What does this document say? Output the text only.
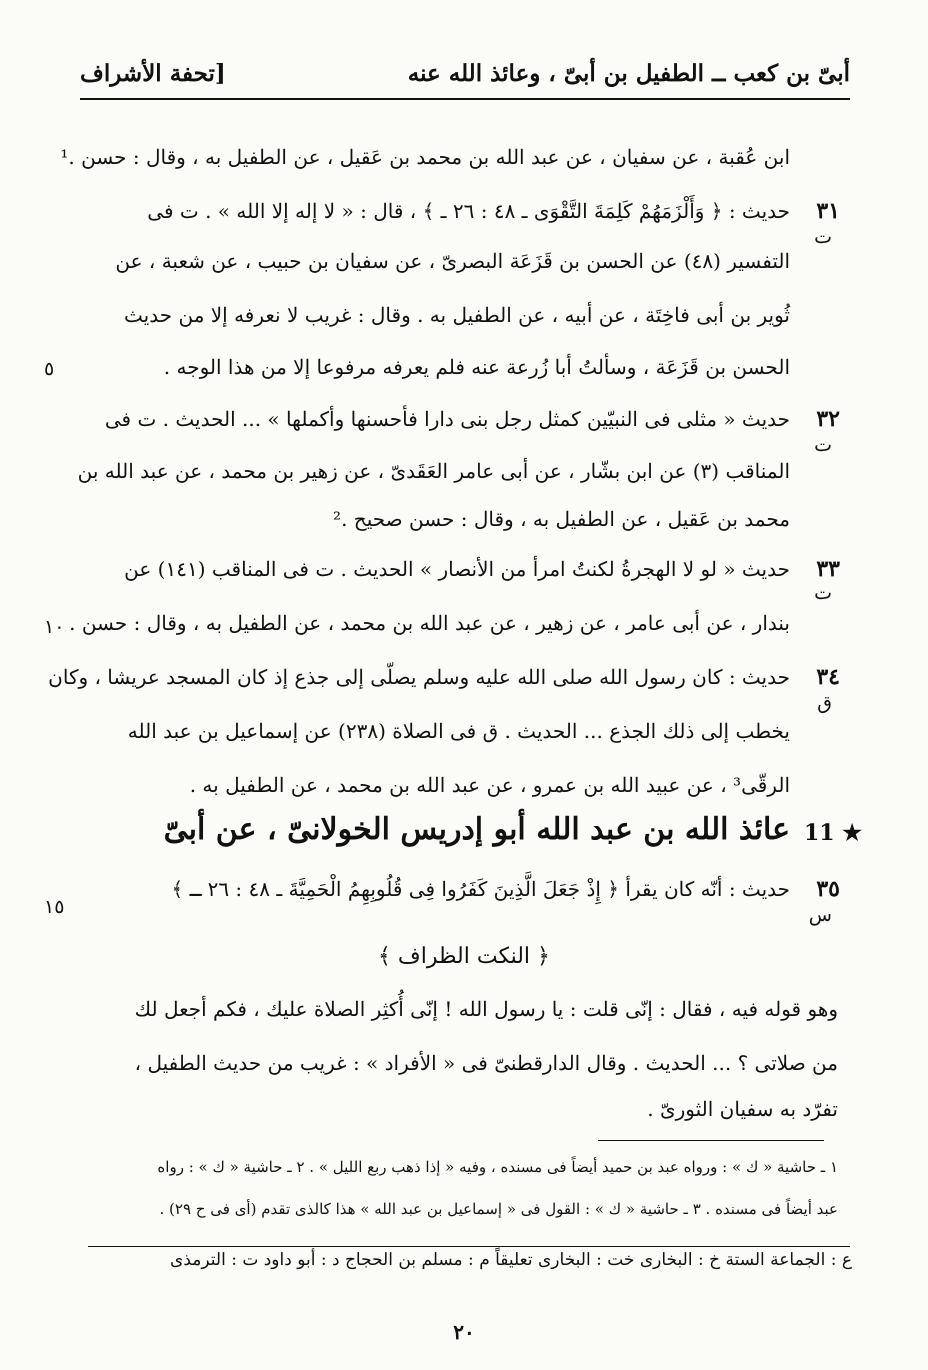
أبىّ بن كعب ــ الطفيل بن أبىّ ، وعائذ الله عنه
[تحفة الأشراف
ابن عُقبة ، عن سفيان ، عن عبد الله بن محمد بن عَقيل ، عن الطفيل به ، وقال : حسن .¹
٣١
ت
حديث : ﴿ وَأَلْزَمَهُمْ كَلِمَةَ التَّقْوَى ـ ٤٨ : ٢٦ ـ ﴾ ، قال : « لا إله إلا الله » . ت فى
التفسير (٤٨) عن الحسن بن قَزَعَة البصرىّ ، عن سفيان بن حبيب ، عن شعبة ، عن
ثُوير بن أبى فاخِتَة ، عن أبيه ، عن الطفيل به . وقال : غريب لا نعرفه إلا من حديث
الحسن بن قَزَعَة ، وسألتُ أبا زُرعة عنه فلم يعرفه مرفوعا إلا من هذا الوجه .
٥
٣٢
ت
حديث « مثلى فى النبيّين كمثل رجل بنى دارا فأحسنها وأكملها » ... الحديث . ت فى
المناقب (٣) عن ابن بشّار ، عن أبى عامر العَقَدىّ ، عن زهير بن محمد ، عن عبد الله بن
محمد بن عَقيل ، عن الطفيل به ، وقال : حسن صحيح .²
٣٣
ت
حديث « لو لا الهجرةُ لكنتُ امرأ من الأنصار » الحديث . ت فى المناقب (١٤١) عن
بندار ، عن أبى عامر ، عن زهير ، عن عبد الله بن محمد ، عن الطفيل به ، وقال : حسن .
١٠
٣٤
ق
حديث : كان رسول الله صلى الله عليه وسلم يصلّى إلى جذع إذ كان المسجد عريشا ، وكان
يخطب إلى ذلك الجذع ... الحديث . ق فى الصلاة (٢٣٨) عن إسماعيل بن عبد الله
الرقّى³ ، عن عبيد الله بن عمرو ، عن عبد الله بن محمد ، عن الطفيل به .
11 ★
عائذ الله بن عبد الله أبو إدريس الخولانىّ ، عن أبىّ
٣٥
س
حديث : أنّه كان يقرأ ﴿ إِذْ جَعَلَ الَّذِينَ كَفَرُوا فِى قُلُوبِهِمُ الْحَمِيَّةَ ـ ٤٨ : ٢٦ ـ ﴾
١٥
﴿ النكت الظراف ﴾
وهو قوله فيه ، فقال : إنّى قلت : يا رسول الله ! إنّى أُكثِر الصلاة عليك ، فكم أجعل لك
من صلاتى ؟ ... الحديث . وقال الدارقطنىّ فى « الأفراد » : غريب من حديث الطفيل ،
تفرّد به سفيان الثورىّ .
١ ـ حاشية « ك » : ورواه عبد بن حميد أيضاً فى مسنده ، وفيه « إذا ذهب ربع الليل » . ٢ ـ حاشية « ك » : رواه
عبد أيضاً فى مسنده . ٣ ـ حاشية « ك » : القول فى « إسماعيل بن عبد الله » هذا كالذى تقدم (أى فى ح ٢٩) .
ع : الجماعة الستة خ : البخارى خت : البخارى تعليقاً م : مسلم بن الحجاج د : أبو داود ت : الترمذى
٢٠
